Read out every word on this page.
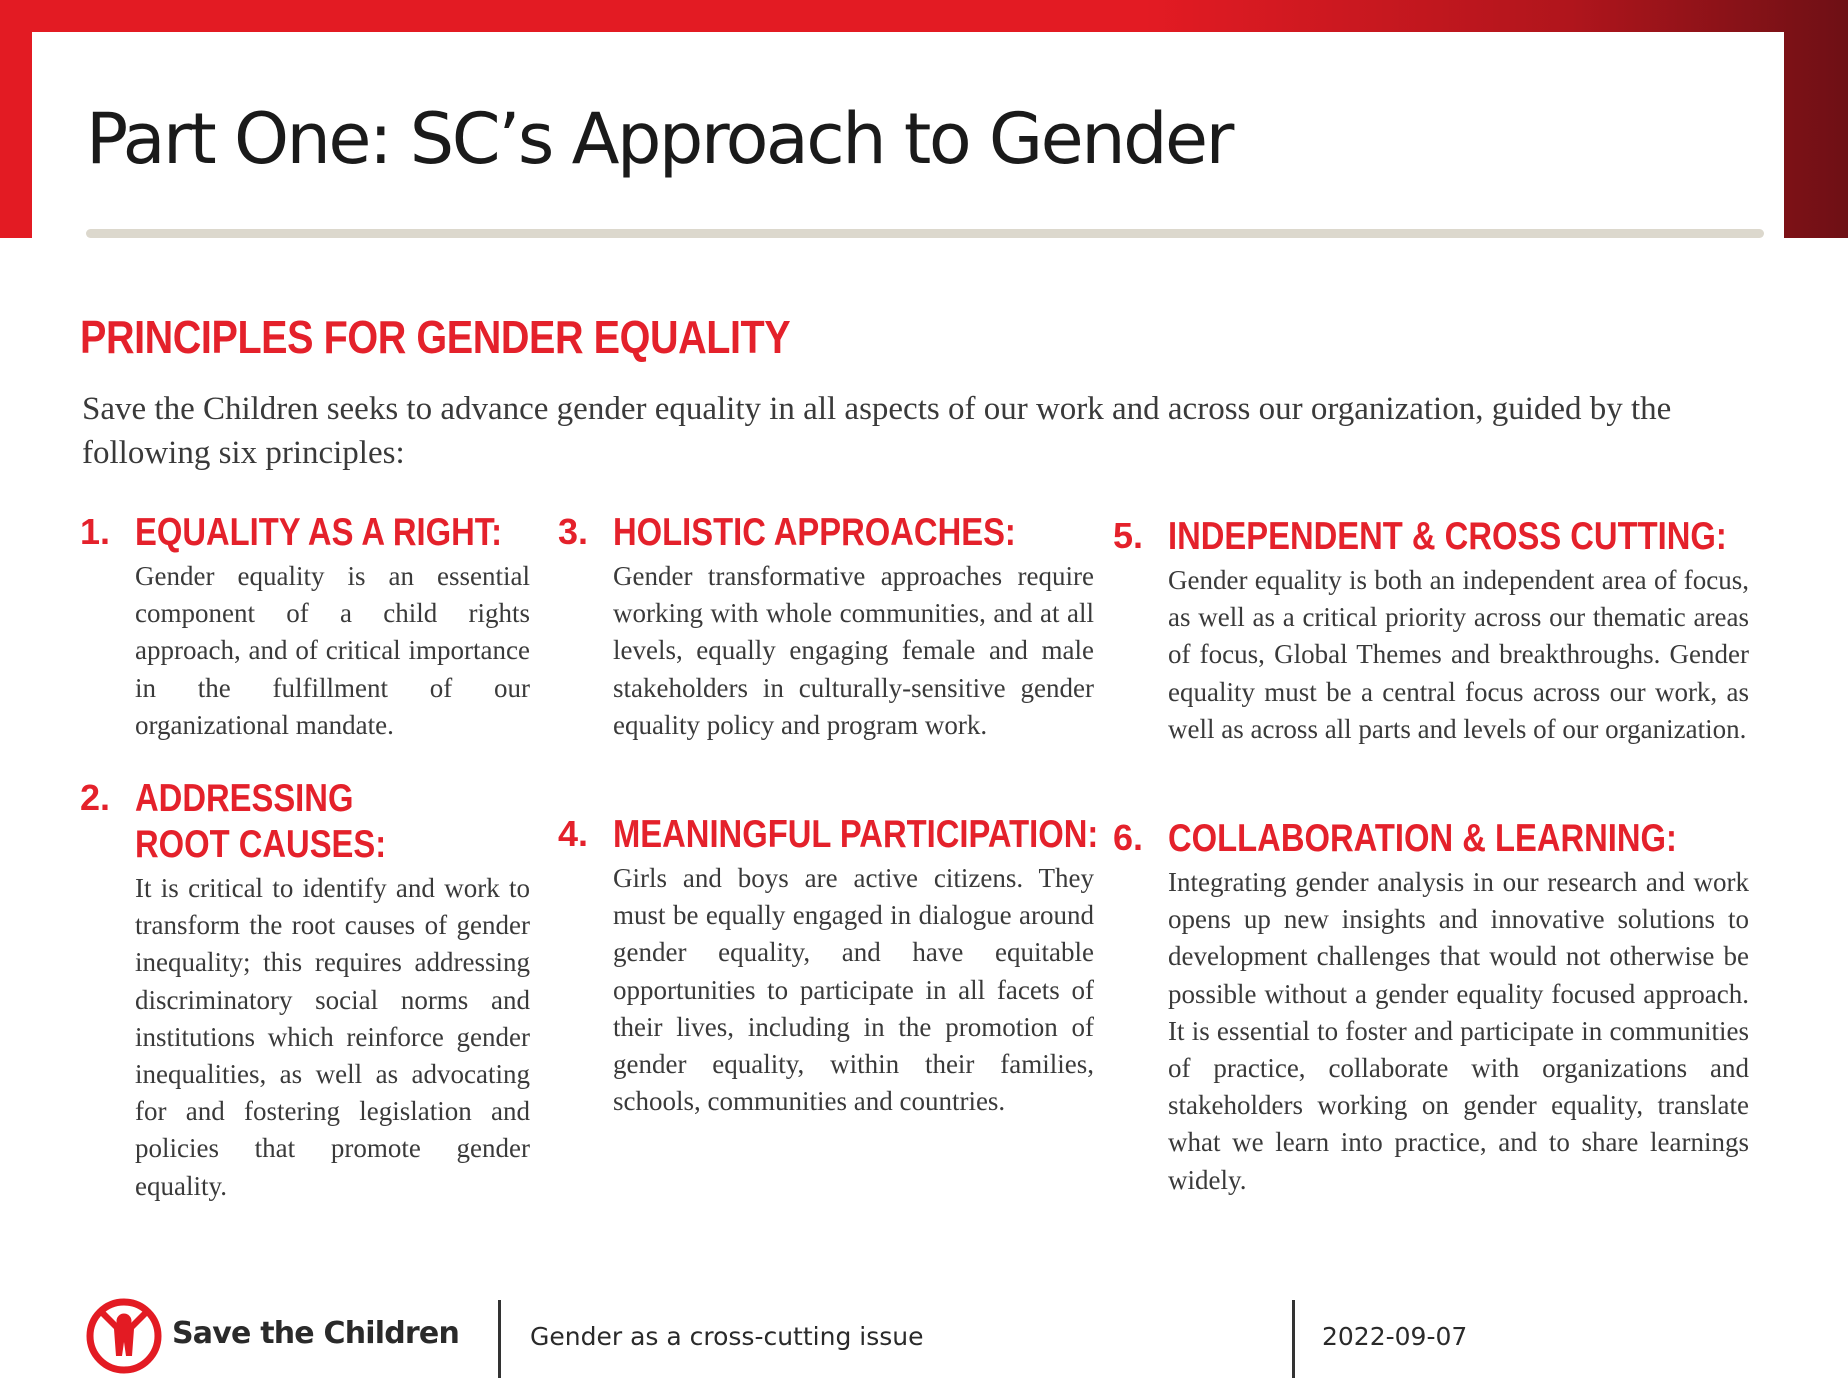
Part One: SC’s Approach to Gender
PRINCIPLES FOR GENDER EQUALITY

Save the Children seeks to advance gender equality in all aspects of our work and across our organization, guided by the following six principles:

1. EQUALITY AS A RIGHT:

Gender equality is an essential component of a child rights approach, and of critical importance in the fulfillment of our organizational mandate.

2. ADDRESSING ROOT CAUSES:

It is critical to identify and work to transform the root causes of gender inequality; this requires addressing discriminatory social norms and institutions which reinforce gender inequalities, as well as advocating for and fostering legislation and policies that promote gender equality.

3. HOLISTIC APPROACHES:

Gender transformative approaches require working with whole communities, and at all levels, equally engaging female and male stakeholders in culturally-sensitive gender equality policy and program work.

4. MEANINGFUL PARTICIPATION:

Girls and boys are active citizens. They must be equally engaged in dialogue around gender equality, and have equitable opportunities to participate in all facets of their lives, including in the promotion of gender equality, within their families, schools, communities and countries.

5. INDEPENDENT & CROSS CUTTING:

Gender equality is both an independent area of focus, as well as a critical priority across our thematic areas of focus, Global Themes and breakthroughs. Gender equality must be a central focus across our work, as well as across all parts and levels of our organization.

6. COLLABORATION & LEARNING:

Integrating gender analysis in our research and work opens up new insights and innovative solutions to development challenges that would not otherwise be possible without a gender equality focused approach. It is essential to foster and participate in communities of practice, collaborate with organizations and stakeholders working on gender equality, translate what we learn into practice, and to share learnings widely.

Save the Children	Gender as a cross-cutting issue	2022-09-07
